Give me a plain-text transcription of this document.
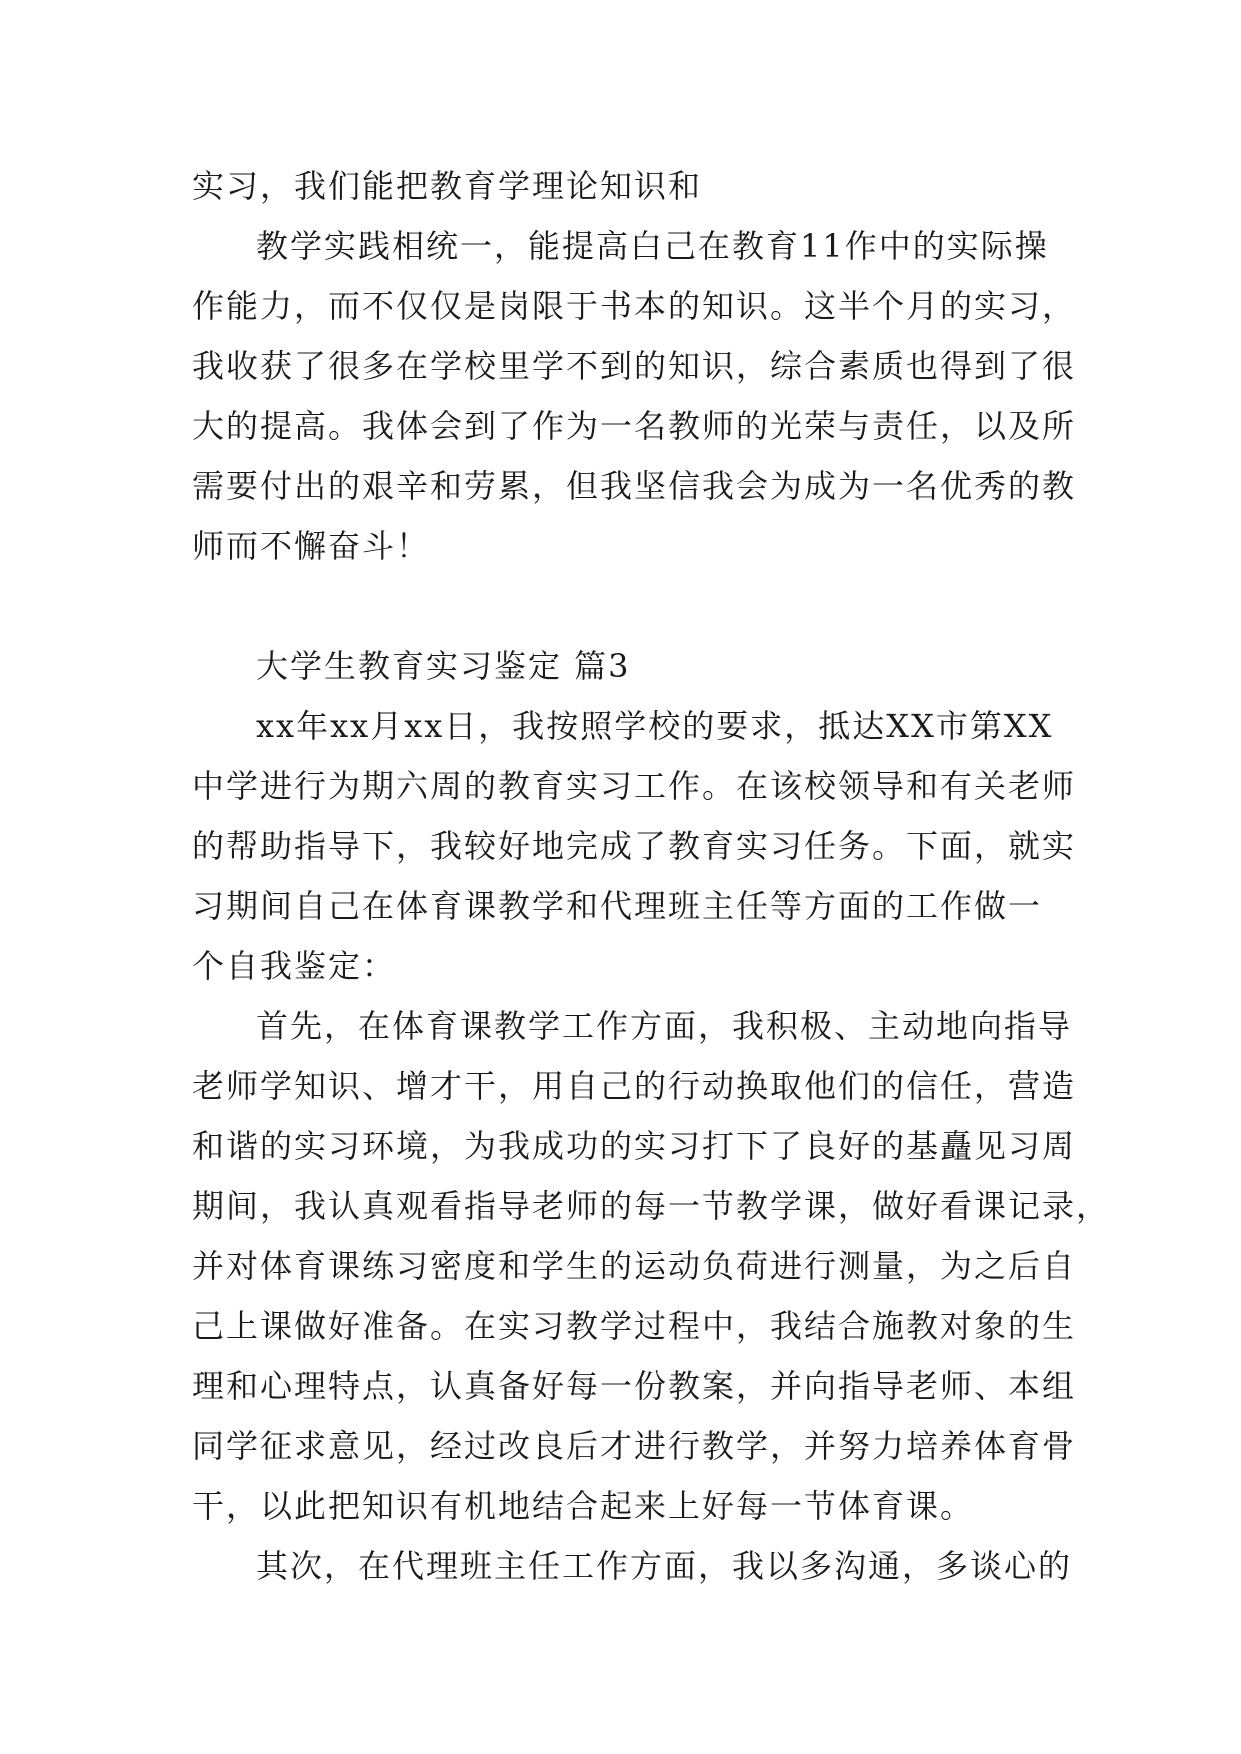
实习，我们能把教育学理论知识和
教学实践相统一，能提高白己在教育11作中的实际操
作能力，而不仅仅是岗限于书本的知识。这半个月的实习，
我收获了很多在学校里学不到的知识，综合素质也得到了很
大的提高。我体会到了作为一名教师的光荣与责任，以及所
需要付出的艰辛和劳累，但我坚信我会为成为一名优秀的教
师而不懈奋斗！
大学生教育实习鉴定 篇3
xx年xx月xx日，我按照学校的要求，抵达XX市第XX
中学进行为期六周的教育实习工作。在该校领导和有关老师
的帮助指导下，我较好地完成了教育实习任务。下面，就实
习期间自己在体育课教学和代理班主任等方面的工作做一
个自我鉴定：
首先，在体育课教学工作方面，我积极、主动地向指导
老师学知识、增才干，用自己的行动换取他们的信任，营造
和谐的实习环境，为我成功的实习打下了良好的基矗见习周
期间，我认真观看指导老师的每一节教学课，做好看课记录，
并对体育课练习密度和学生的运动负荷进行测量，为之后自
己上课做好准备。在实习教学过程中，我结合施教对象的生
理和心理特点，认真备好每一份教案，并向指导老师、本组
同学征求意见，经过改良后才进行教学，并努力培养体育骨
干，以此把知识有机地结合起来上好每一节体育课。
其次，在代理班主任工作方面，我以多沟通，多谈心的
